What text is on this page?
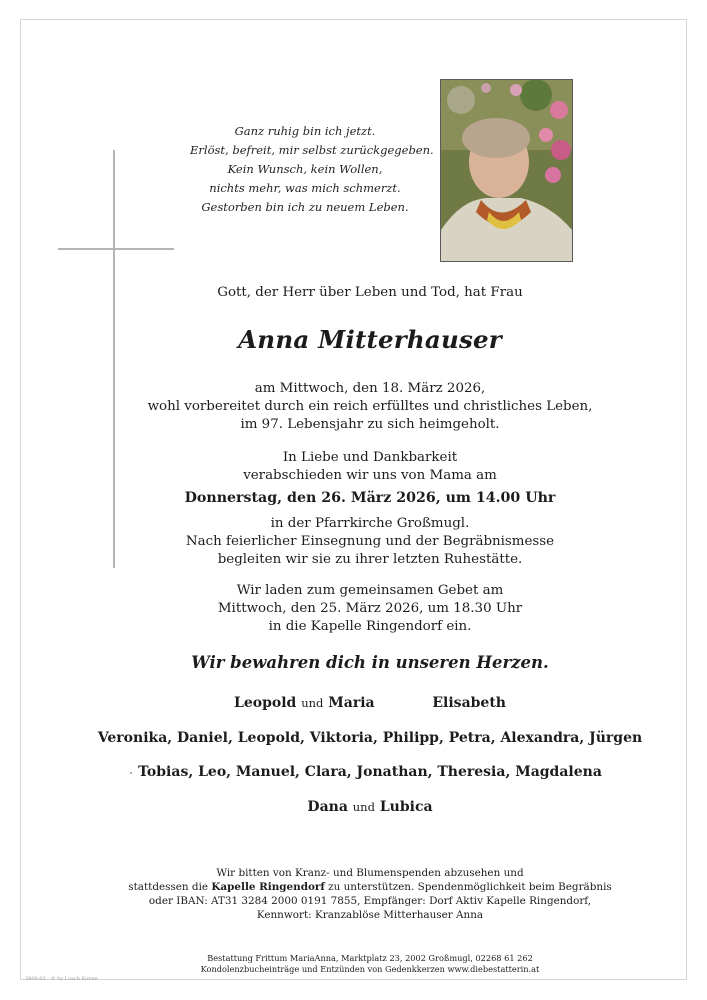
Ganz ruhig bin ich jetzt.
Erlöst, befreit, mir selbst zurückgegeben.
Kein Wunsch, kein Wollen,
nichts mehr, was mich schmerzt.
Gestorben bin ich zu neuem Leben.
Gott, der Herr über Leben und Tod, hat Frau
Anna Mitterhauser
am Mittwoch, den 18. März 2026,
wohl vorbereitet durch ein reich erfülltes und christliches Leben,
im 97. Lebensjahr zu sich heimgeholt.
In Liebe und Dankbarkeit
verabschieden wir uns von Mama am
Donnerstag, den 26. März 2026, um 14.00 Uhr
in der Pfarrkirche Großmugl.
Nach feierlicher Einsegnung und der Begräbnismesse
begleiten wir sie zu ihrer letzten Ruhestätte.
Wir laden zum gemeinsamen Gebet am
Mittwoch, den 25. März 2026, um 18.30 Uhr
in die Kapelle Ringendorf ein.
Wir bewahren dich in unseren Herzen.
Leopold und Maria	Elisabeth
Veronika, Daniel, Leopold, Viktoria, Philipp, Petra, Alexandra, Jürgen
Tobias, Leo, Manuel, Clara, Jonathan, Theresia, Magdalena
Dana und Lubica
Wir bitten von Kranz- und Blumenspenden abzusehen und
stattdessen die Kapelle Ringendorf zu unterstützen. Spendenmöglichkeit beim Begräbnis
oder IBAN: AT31 3284 2000 0191 7855, Empfänger: Dorf Aktiv Kapelle Ringendorf,
Kennwort: Kranzablöse Mitterhauser Anna
Bestattung Frittum MariaAnna, Marktplatz 23, 2002 Großmugl, 02268 61 262
Kondolenzbucheinträge und Entzünden von Gedenkkerzen www.diebestatterin.at
3900-03 · © by Loach Konne
